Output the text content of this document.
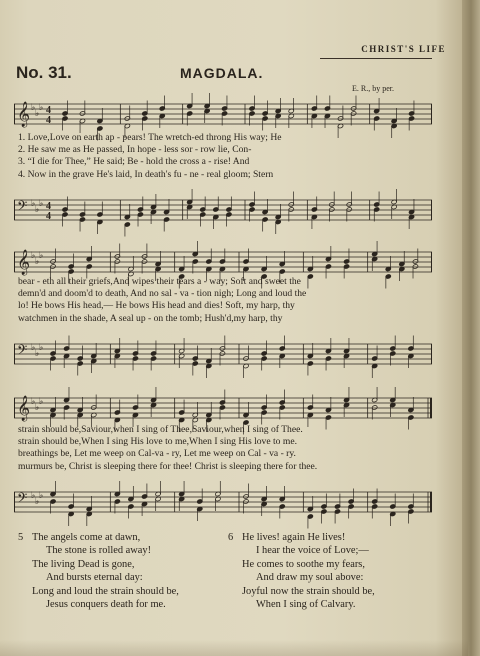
CHRIST'S LIFE
No. 31.	MAGDALA.
E. R., by per.
𝄞 ♭
♭
♭ 4
4
1. Love,Love on earth ap - pears! The wretch-ed throng His way; He
2. He saw me as He passed, In hope - less sor - row lie, Con-
3. “I die for Thee,” He said; Be - hold the cross a - rise! And
4. Now in the grave He's laid, In death's fu - ne - real gloom; Stern
𝄢 ♭
♭
♭ 4
4
𝄞 ♭
♭
♭
bear - eth all their griefs,And wipes their tears a - way; Soft and sweet the
demn'd and doom'd to death, And no sal - va - tion nigh; Long and loud the
lo! He bows His head,— He bows His head and dies! Soft, my harp, thy
watchmen in the shade, A seal up - on the tomb; Hush'd,my harp, thy
𝄢 ♭
♭
♭
𝄞 ♭
♭
♭
strain should be,Saviour,when I sing of Thee,Saviour,when I sing of Thee.
strain should be,When I sing His love to me,When I sing His love to me.
breathings be, Let me weep on Cal-va - ry, Let me weep on Cal - va - ry.
murmurs be, Christ is sleeping there for thee! Christ is sleeping there for thee.
𝄢 ♭
♭
♭
5 The angels come at dawn,
The stone is rolled away!
The living Dead is gone,
And bursts eternal day:
Long and loud the strain should be,
Jesus conquers death for me.
6 He lives! again He lives!
I hear the voice of Love;—
He comes to soothe my fears,
And draw my soul above:
Joyful now the strain should be,
When I sing of Calvary.
